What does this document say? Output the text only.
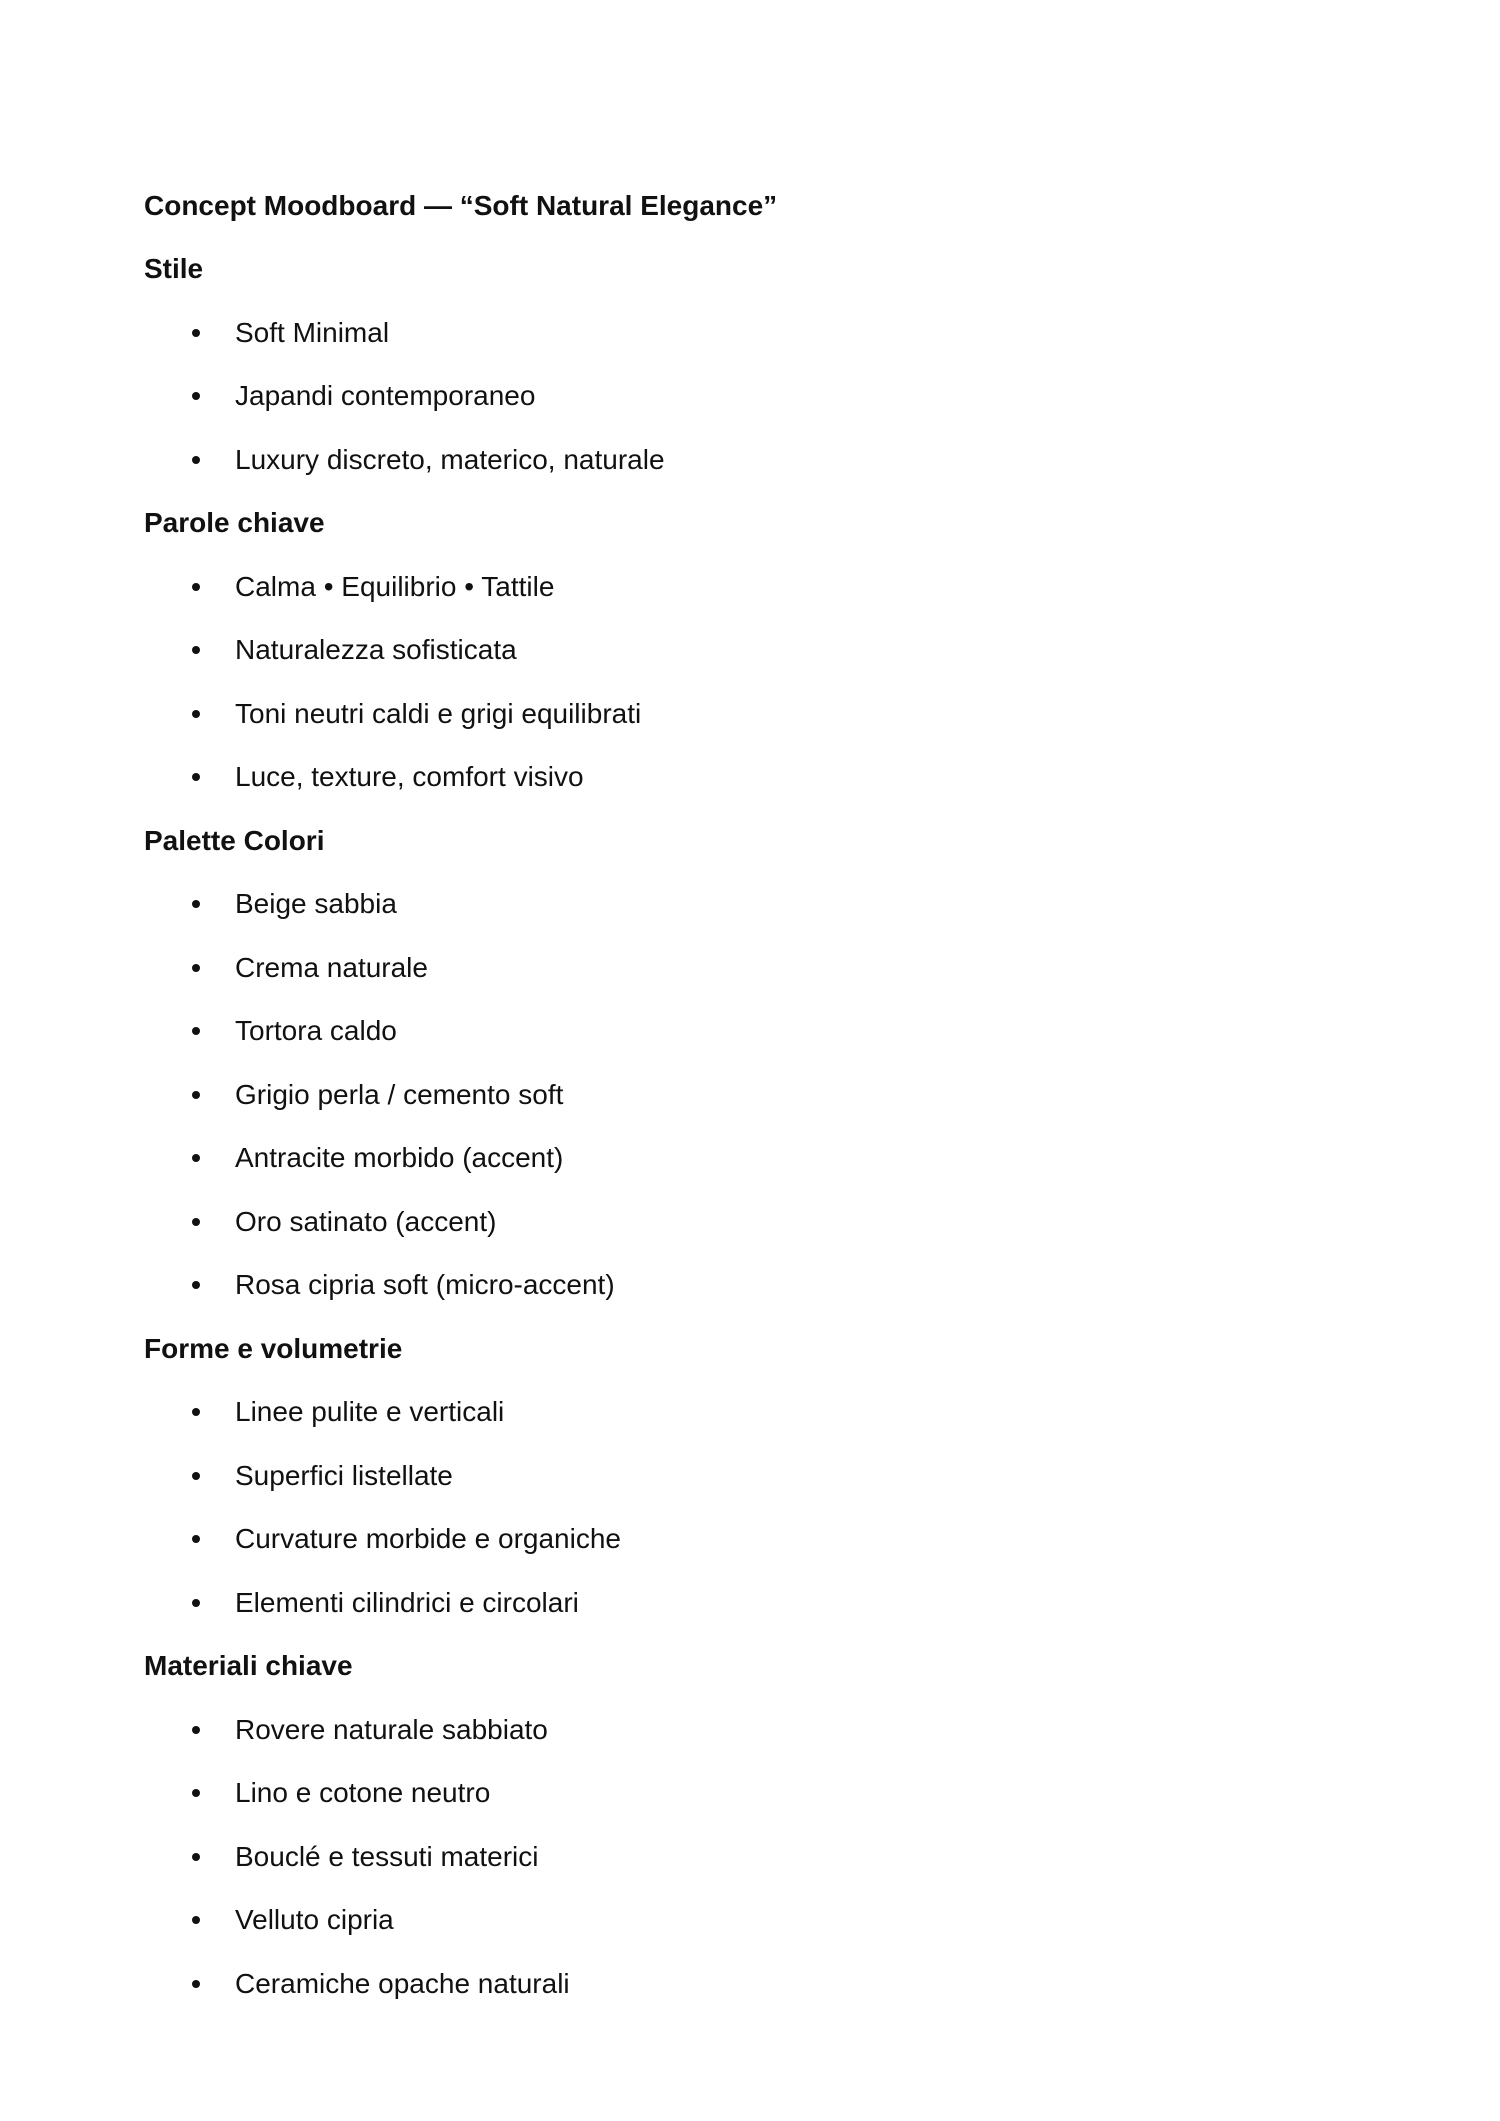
Concept Moodboard — “Soft Natural Elegance”
Stile
Soft Minimal
Japandi contemporaneo
Luxury discreto, materico, naturale
Parole chiave
Calma • Equilibrio • Tattile
Naturalezza sofisticata
Toni neutri caldi e grigi equilibrati
Luce, texture, comfort visivo
Palette Colori
Beige sabbia
Crema naturale
Tortora caldo
Grigio perla / cemento soft
Antracite morbido (accent)
Oro satinato (accent)
Rosa cipria soft (micro-accent)
Forme e volumetrie
Linee pulite e verticali
Superfici listellate
Curvature morbide e organiche
Elementi cilindrici e circolari
Materiali chiave
Rovere naturale sabbiato
Lino e cotone neutro
Bouclé e tessuti materici
Velluto cipria
Ceramiche opache naturali
